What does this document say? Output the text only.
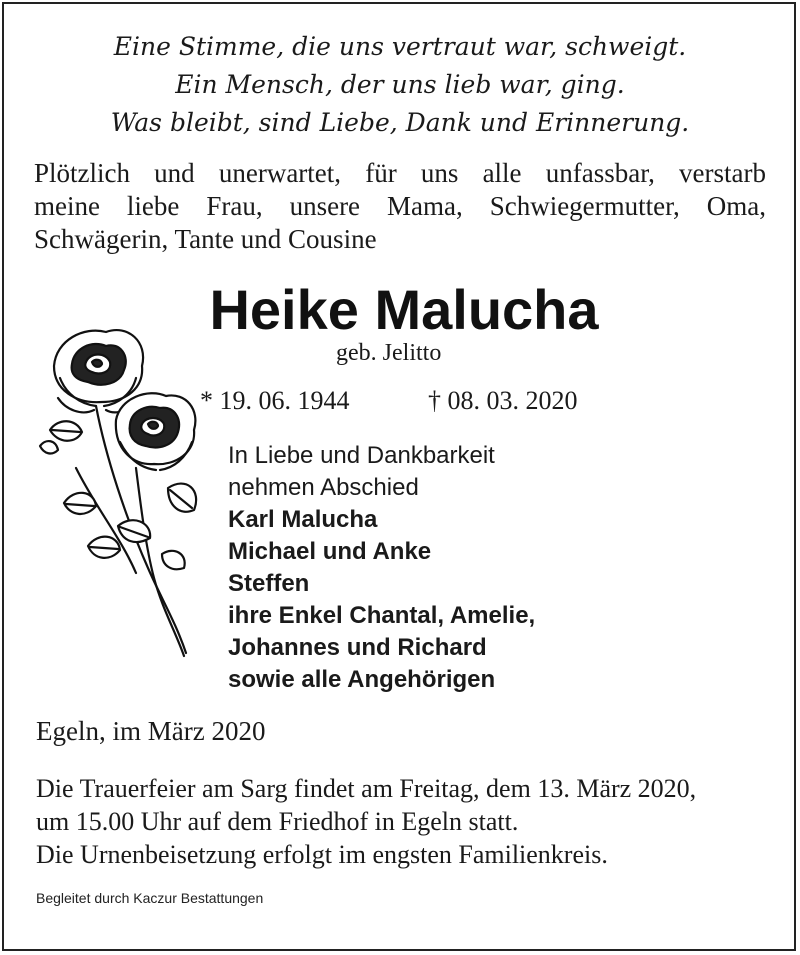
Eine Stimme, die uns vertraut war, schweigt.
Ein Mensch, der uns lieb war, ging.
Was bleibt, sind Liebe, Dank und Erinnerung.
Plötzlich und unerwartet, für uns alle unfassbar, verstarb
meine liebe Frau, unsere Mama, Schwiegermutter, Oma,
Schwägerin, Tante und Cousine
Heike Malucha
geb. Jelitto
* 19. 06. 1944	† 08. 03. 2020
In Liebe und Dankbarkeit
nehmen Abschied
Karl Malucha
Michael und Anke
Steffen
ihre Enkel Chantal, Amelie,
Johannes und Richard
sowie alle Angehörigen
Egeln, im März 2020
Die Trauerfeier am Sarg findet am Freitag, dem 13. März 2020,
um 15.00 Uhr auf dem Friedhof in Egeln statt.
Die Urnenbeisetzung erfolgt im engsten Familienkreis.
Begleitet durch Kaczur Bestattungen
